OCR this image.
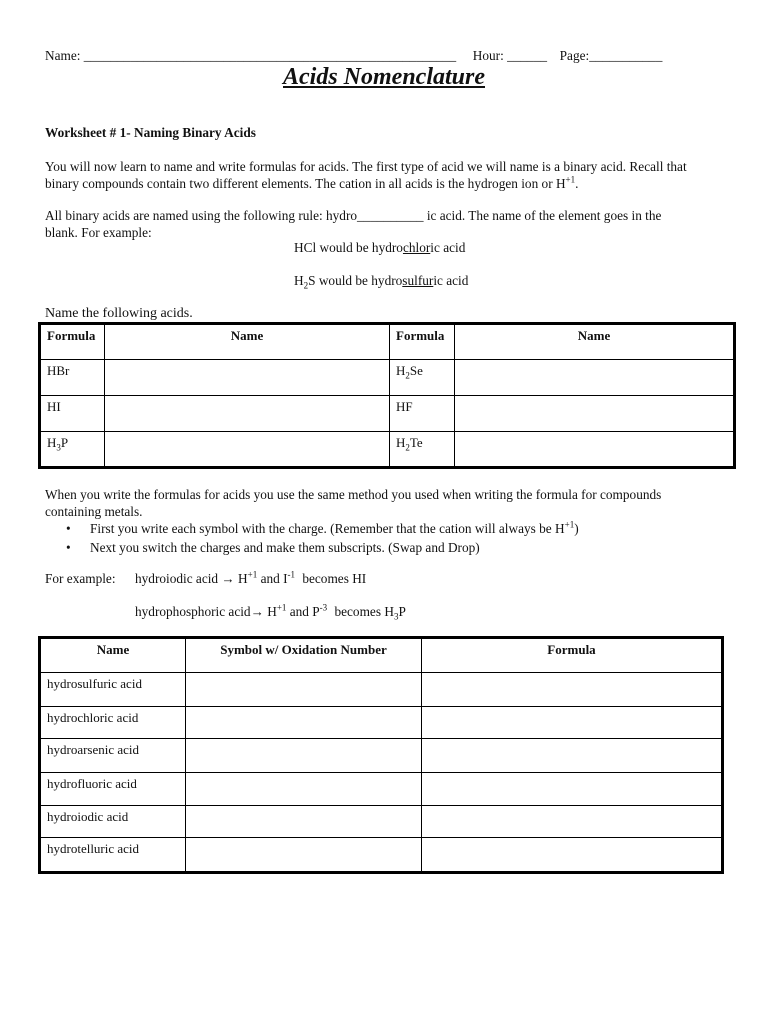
Name: ________________________________________________________ Hour: ______ Page:___________
Acids Nomenclature
Worksheet # 1- Naming Binary Acids
You will now learn to name and write formulas for acids. The first type of acid we will name is a binary acid. Recall that
binary compounds contain two different elements. The cation in all acids is the hydrogen ion or $H^{+1}$.
All binary acids are named using the following rule: hydro__________ ic acid. The name of the element goes in the
blank. For example:
HCl would be hydrochloric acid
$H_2S$ would be hydrosulfuric acid
Name the following acids.
Formula	Name	Formula	Name
HBr		$H_2Se$	
HI		HF	
$H_3P$		$H_2Te$	
When you write the formulas for acids you use the same method you used when writing the formula for compounds
containing metals.
• First you write each symbol with the charge. (Remember that the cation will always be $H^{+1}$)
• Next you switch the charges and make them subscripts. (Swap and Drop)
For example: hydroiodic acid → $H^{+1}$ and $I^{-1}$ becomes HI
hydrophosphoric acid→ $H^{+1}$ and $P^{-3}$ becomes $H_3P$
Name	Symbol w/ Oxidation Number	Formula
hydrosulfuric acid		
hydrochloric acid		
hydroarsenic acid		
hydrofluoric acid		
hydroiodic acid		
hydrotelluric acid		
